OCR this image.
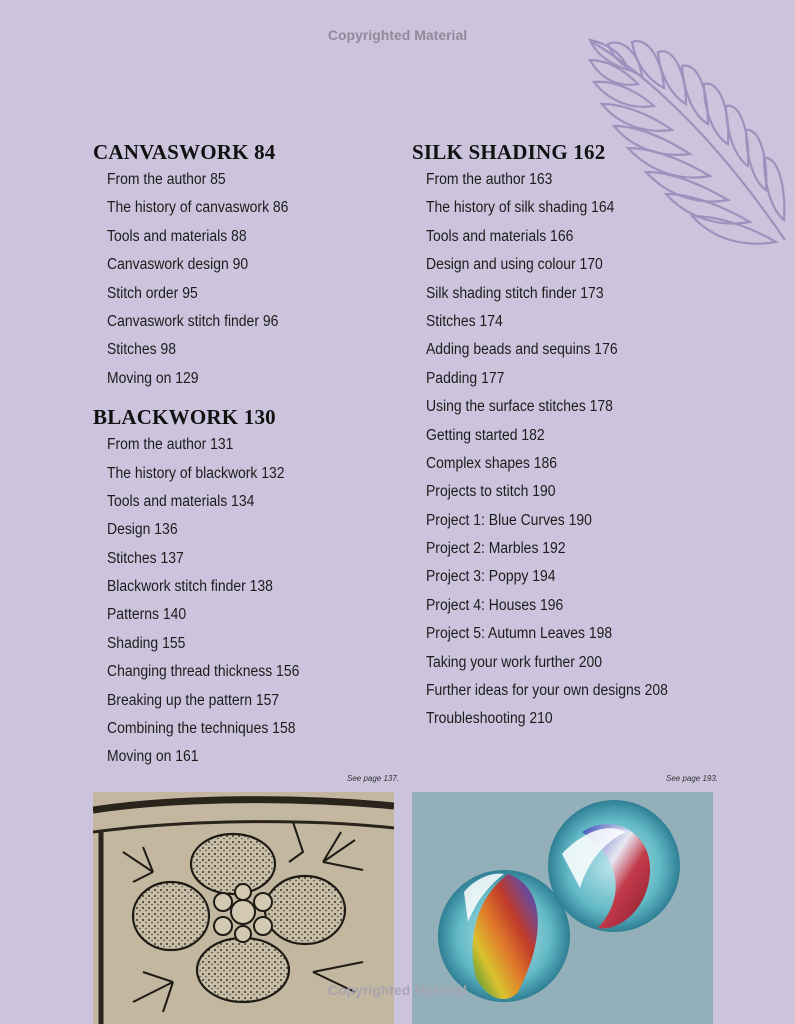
Copyrighted Material
CANVASWORK 84
From the author 85
The history of canvaswork 86
Tools and materials 88
Canvaswork design 90
Stitch order 95
Canvaswork stitch finder 96
Stitches 98
Moving on 129
BLACKWORK 130
From the author 131
The history of blackwork 132
Tools and materials 134
Design 136
Stitches 137
Blackwork stitch finder 138
Patterns 140
Shading 155
Changing thread thickness 156
Breaking up the pattern 157
Combining the techniques 158
Moving on 161
SILK SHADING 162
From the author 163
The history of silk shading 164
Tools and materials 166
Design and using colour 170
Silk shading stitch finder 173
Stitches 174
Adding beads and sequins 176
Padding 177
Using the surface stitches 178
Getting started 182
Complex shapes 186
Projects to stitch 190
Project 1: Blue Curves 190
Project 2: Marbles 192
Project 3: Poppy 194
Project 4: Houses 196
Project 5: Autumn Leaves 198
Taking your work further 200
Further ideas for your own designs 208
Troubleshooting 210
See page 137.	See page 193.
Copyrighted Material
